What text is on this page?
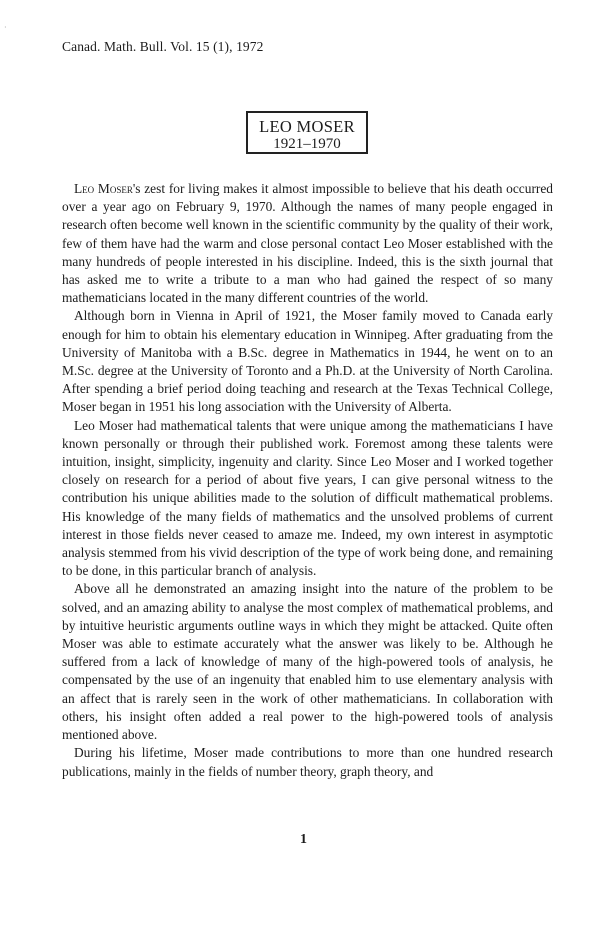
·
Canad. Math. Bull. Vol. 15 (1), 1972
LEO MOSER
1921–1970

Leo Moser's zest for living makes it almost impossible to believe that his death occurred over a year ago on February 9, 1970. Although the names of many people engaged in research often become well known in the scientific community by the quality of their work, few of them have had the warm and close personal contact Leo Moser established with the many hundreds of people interested in his discipline. Indeed, this is the sixth journal that has asked me to write a tribute to a man who had gained the respect of so many mathematicians located in the many different countries of the world.

Although born in Vienna in April of 1921, the Moser family moved to Canada early enough for him to obtain his elementary education in Winnipeg. After graduating from the University of Manitoba with a B.Sc. degree in Mathematics in 1944, he went on to an M.Sc. degree at the University of Toronto and a Ph.D. at the University of North Carolina. After spending a brief period doing teaching and research at the Texas Technical College, Moser began in 1951 his long association with the University of Alberta.

Leo Moser had mathematical talents that were unique among the mathematicians I have known personally or through their published work. Foremost among these talents were intuition, insight, simplicity, ingenuity and clarity. Since Leo Moser and I worked together closely on research for a period of about five years, I can give personal witness to the contribution his unique abilities made to the solution of difficult mathematical problems. His knowledge of the many fields of mathematics and the unsolved problems of current interest in those fields never ceased to amaze me. Indeed, my own interest in asymptotic analysis stemmed from his vivid description of the type of work being done, and remaining to be done, in this particular branch of analysis.

Above all he demonstrated an amazing insight into the nature of the problem to be solved, and an amazing ability to analyse the most complex of mathematical problems, and by intuitive heuristic arguments outline ways in which they might be attacked. Quite often Moser was able to estimate accurately what the answer was likely to be. Although he suffered from a lack of knowledge of many of the high-powered tools of analysis, he compensated by the use of an ingenuity that enabled him to use elementary analysis with an affect that is rarely seen in the work of other mathematicians. In collaboration with others, his insight often added a real power to the high-powered tools of analysis mentioned above.

During his lifetime, Moser made contributions to more than one hundred research publications, mainly in the fields of number theory, graph theory, and

1
